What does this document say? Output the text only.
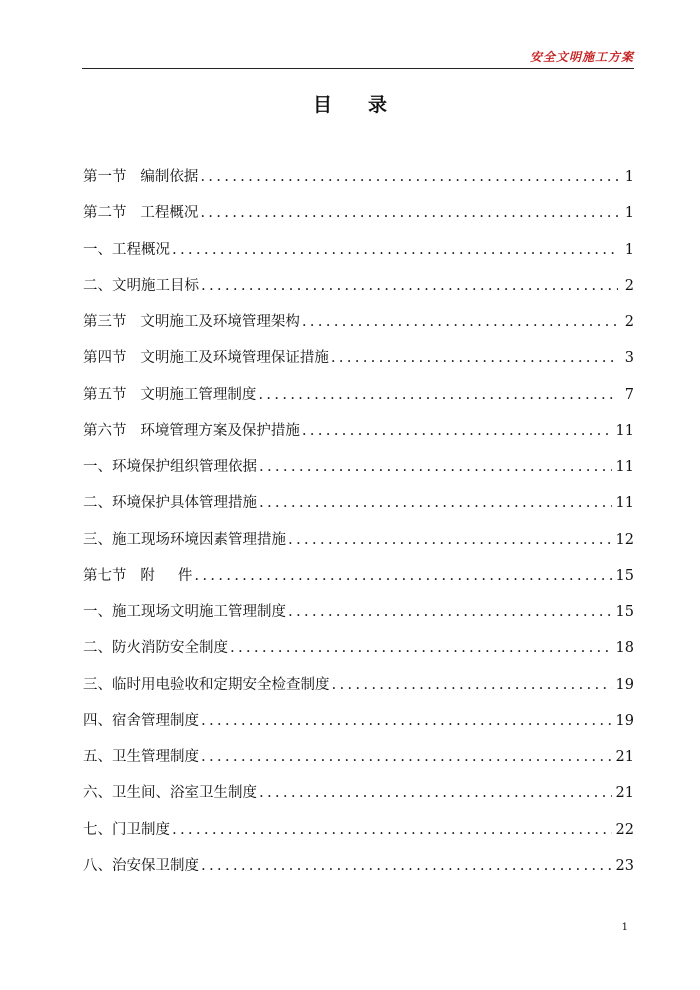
安全文明施工方案
目录
第一节   编制依据 .....	1
第二节   工程概况 .....	1
一、工程概况 .....	1
二、文明施工目标 .....	2
第三节   文明施工及环境管理架构 .....	2
第四节   文明施工及环境管理保证措施 .....	3
第五节   文明施工管理制度 .....	7
第六节   环境管理方案及保护措施 .....	11
一、环境保护组织管理依据 .....	11
二、环境保护具体管理措施 .....	11
三、施工现场环境因素管理措施 .....	12
第七节   附     件 .....	15
一、施工现场文明施工管理制度 .....	15
二、防火消防安全制度 .....	18
三、临时用电验收和定期安全检查制度 .....	19
四、宿舍管理制度 .....	19
五、卫生管理制度 .....	21
六、卫生间、浴室卫生制度 .....	21
七、门卫制度 .....	22
八、治安保卫制度 .....	23
1
